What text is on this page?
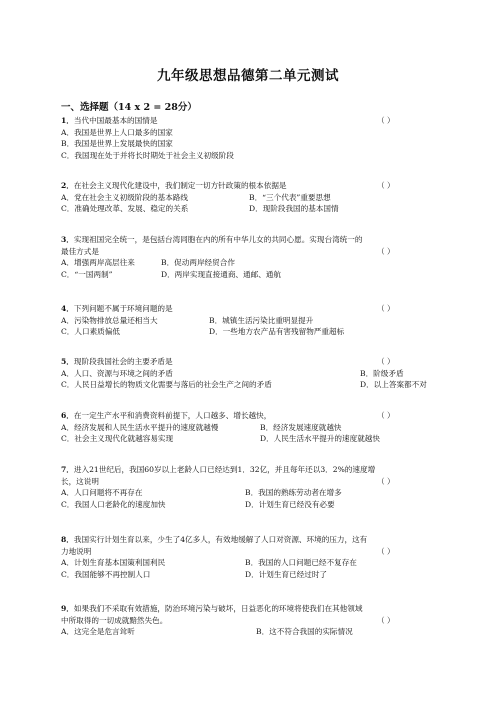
九年级思想品德第二单元测试
一、选择题（14 x 2 = 28分）
1．当代中国最基本的国情是	（ ）
A．我国是世界上人口最多的国家
B．我国是世界上发展最快的国家
C．我国现在处于并将长时期处于社会主义初级阶段
2．在社会主义现代化建设中，我们制定一切方针政策的根本依据是	（ ）
A．党在社会主义初级阶段的基本路线	B．“三个代表”重要思想
C．准确处理改革、发展、稳定的关系	D．现阶段我国的基本国情
3．实现祖国完全统一，是包括台湾同胞在内的所有中华儿女的共同心愿。实现台湾统一的
最佳方式是	（ ）
A．增强两岸高层往来	B．促动两岸经贸合作
C．“一国两制”	D．两岸实现直接通商、通邮、通航
4．下列问题不属于环境问题的是	（ ）
A．污染物排放总量还相当大	B．城镇生活污染比重明显提升
C．人口素质偏低	D．一些地方农产品有害残留物严重超标
5．现阶段我国社会的主要矛盾是	（ ）
A．人口、资源与环境之间的矛盾	B．阶级矛盾
C．人民日益增长的物质文化需要与落后的社会生产之间的矛盾	D．以上答案都不对
6．在一定生产水平和消费资料前提下，人口越多、增长越快，	（ ）
A．经济发展和人民生活水平提升的速度就越慢	B．经济发展速度就越快
C．社会主义现代化就越容易实现	D．人民生活水平提升的速度就越快
7．进入21世纪后，我国60岁以上老龄人口已经达到1．32亿，并且每年还以3．2%的速度增
长，这说明	（ ）
A．人口问题将不再存在	B．我国的熟练劳动者在增多
C．我国人口老龄化的速度加快	D．计划生育已经没有必要
8．我国实行计划生育以来，少生了4亿多人，有效地缓解了人口对资源、环境的压力，这有
力地说明	（ ）
A．计划生育基本国策利国利民	B．我国的人口问题已经不复存在
C．我国能够不再控制人口	D．计划生育已经过时了
9．如果我们不采取有效措施，防治环境污染与破坏，日益恶化的环境将使我们在其他领域
中所取得的一切成就黯然失色。	（ ）
A．这完全是危言耸听	B．这不符合我国的实际情况
